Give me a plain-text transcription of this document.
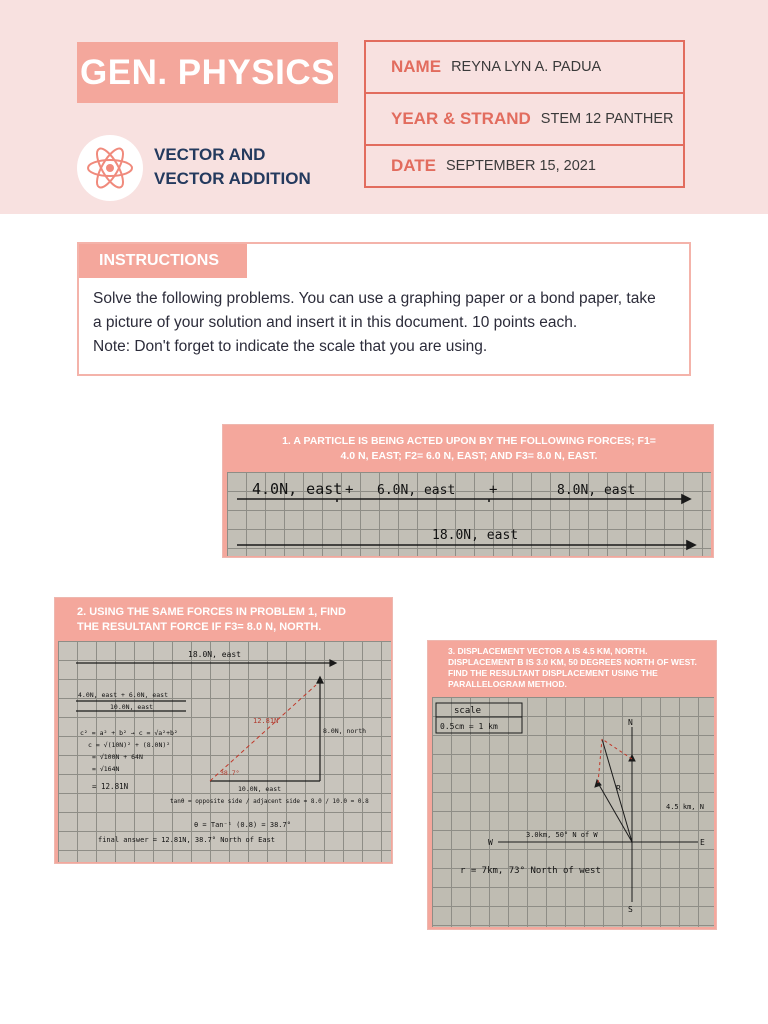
GEN. PHYSICS
VECTOR AND
VECTOR ADDITION
NAME REYNA LYN A. PADUA
YEAR & STRAND STEM 12 PANTHER
DATE SEPTEMBER 15, 2021
INSTRUCTIONS
Solve the following problems. You can use a graphing paper or a bond paper, take
a picture of your solution and insert it in this document. 10 points each.
Note: Don't forget to indicate the scale that you are using.
1. A PARTICLE IS BEING ACTED UPON BY THE FOLLOWING FORCES; F1=
4.0 N, EAST; F2= 6.0 N, EAST; AND F3= 8.0 N, EAST.
4.0N, east + 6.0N, east +	8.0N, east
18.0N, east
2. USING THE SAME FORCES IN PROBLEM 1, FIND
THE RESULTANT FORCE IF F3= 8.0 N, NORTH.
18.0N, east
4.0N, east + 6.0N, east
10.0N, east
c² = a² + b² → c = √a²+b²
c = √(10N)² + (8.0N)²
= √100N + 64N
= √164N
= 12.81N
12.81N
8.0N, north
38.7°
10.0N, east
tanθ = opposite side / adjacent side = 8.0 / 10.0 = 0.8
θ = Tan⁻¹ (0.8) = 38.7°
final answer = 12.81N, 38.7° North of East
3. DISPLACEMENT VECTOR A IS 4.5 KM, NORTH.
DISPLACEMENT B IS 3.0 KM, 50 DEGREES NORTH OF WEST.
FIND THE RESULTANT DISPLACEMENT USING THE
PARALLELOGRAM METHOD.
scale
0.5cm = 1 km	N
S
E
W
R
4.5 km, N
3.0km, 50° N of W
r = 7km, 73° North of west
